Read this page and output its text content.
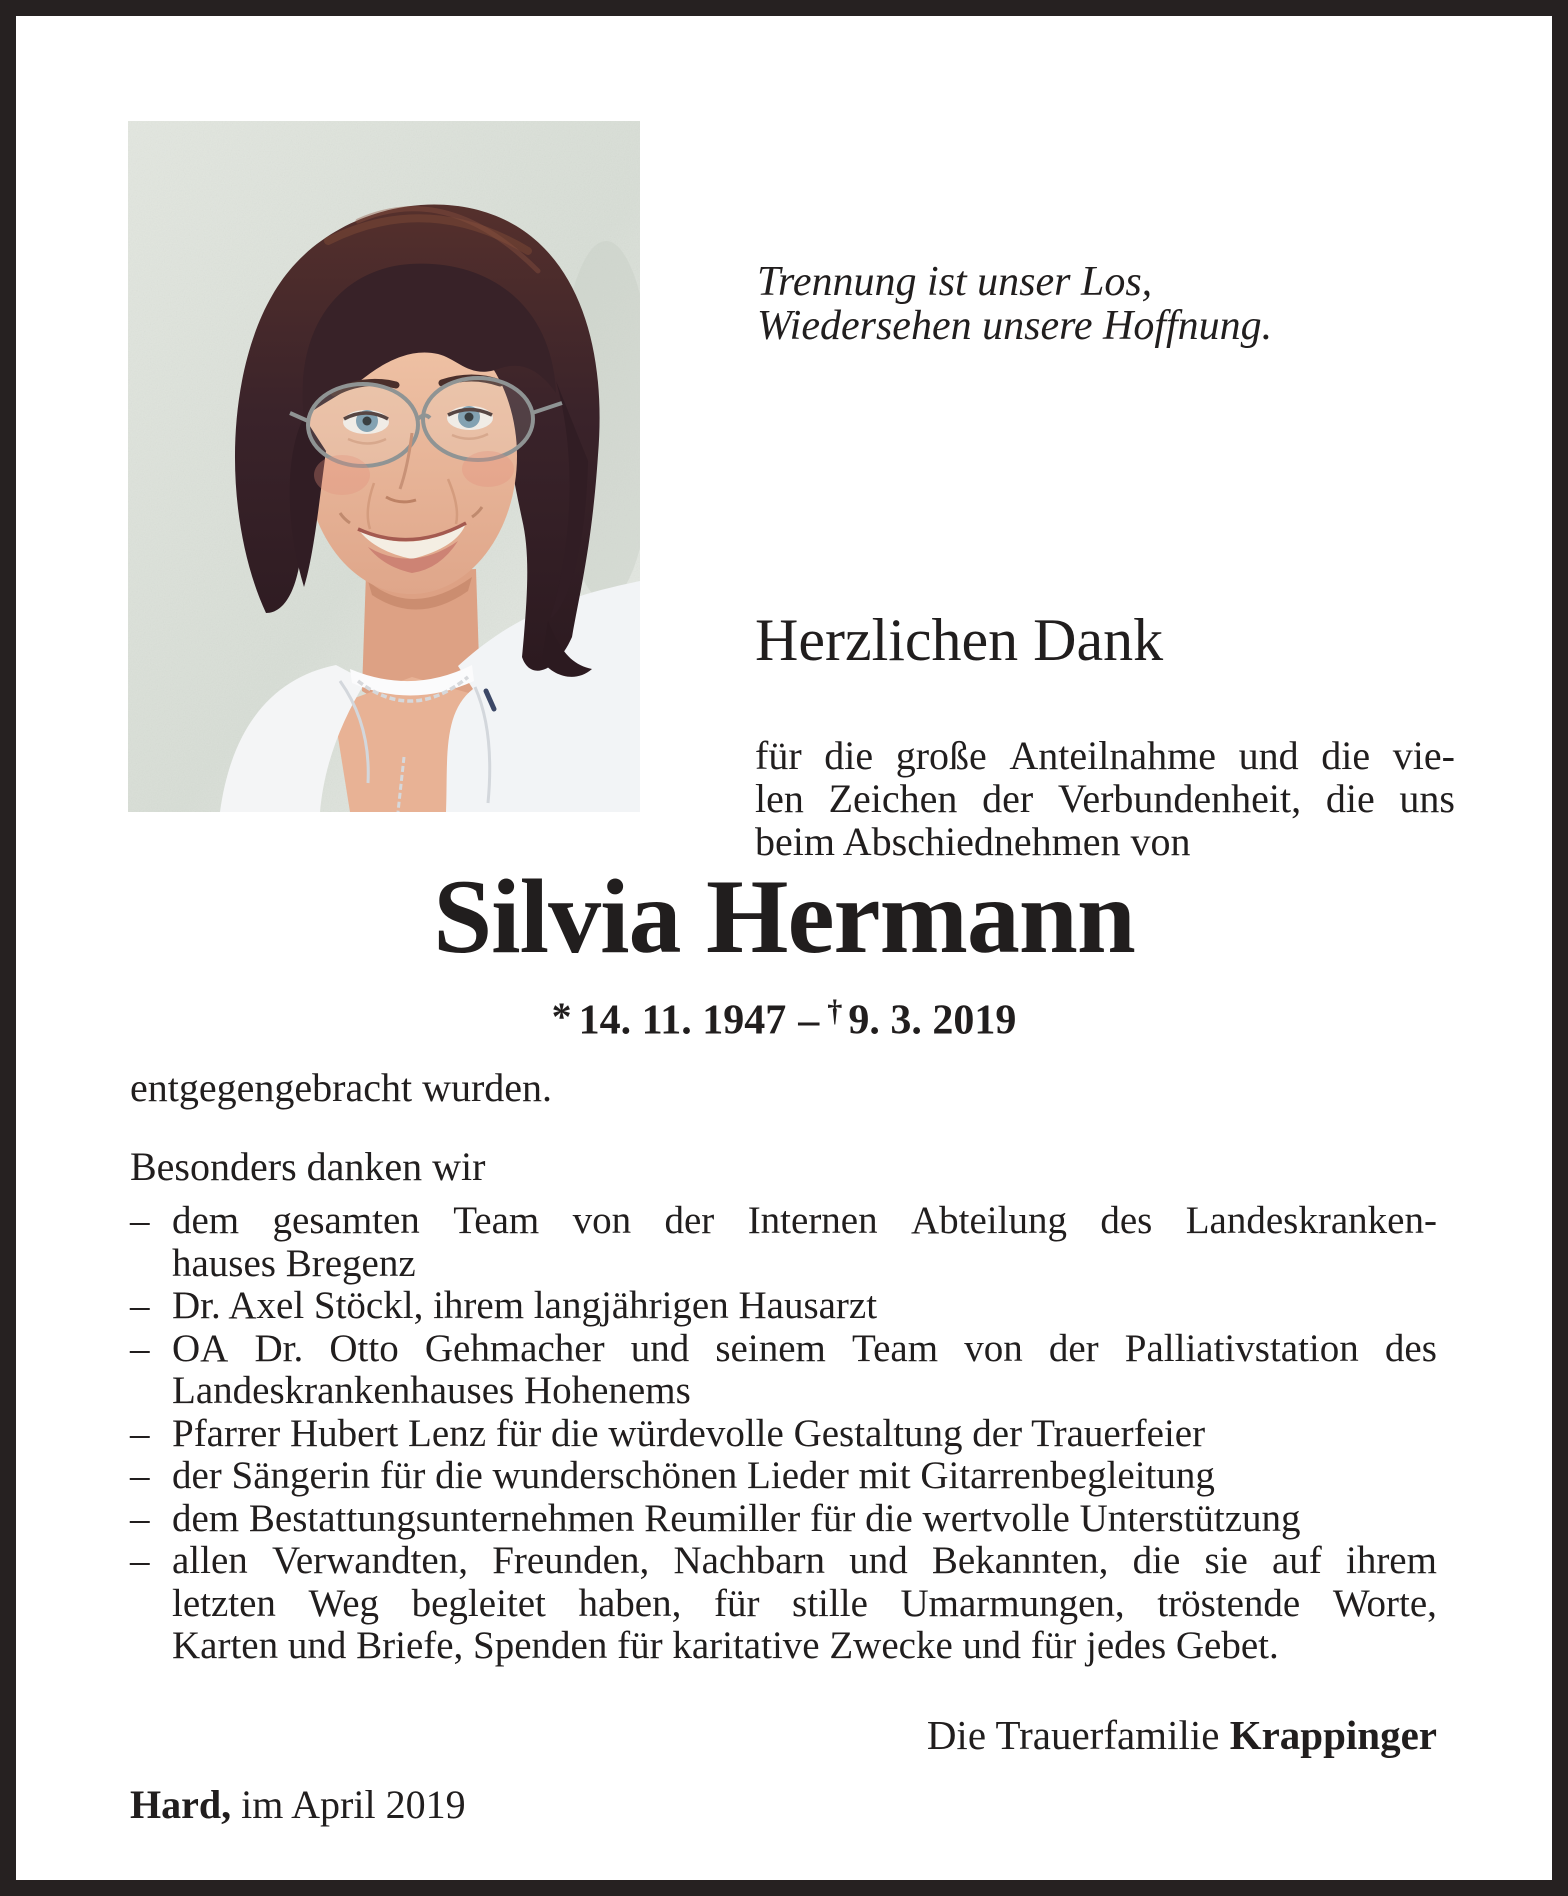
Trennung ist unser Los,
Wiedersehen unsere Hoffnung.
Herzlichen Dank
für die große Anteilnahme und die vie-
len Zeichen der Verbundenheit, die uns
beim Abschiednehmen von
Silvia Hermann
* 14. 11. 1947 – † 9. 3. 2019
entgegengebracht wurden.
Besonders danken wir
– dem gesamten Team von der Internen Abteilung des Landeskranken-
hauses Bregenz
– Dr. Axel Stöckl, ihrem langjährigen Hausarzt
– OA Dr. Otto Gehmacher und seinem Team von der Palliativstation des
Landeskrankenhauses Hohenems
– Pfarrer Hubert Lenz für die würdevolle Gestaltung der Trauerfeier
– der Sängerin für die wunderschönen Lieder mit Gitarrenbegleitung
– dem Bestattungsunternehmen Reumiller für die wertvolle Unterstützung
– allen Verwandten, Freunden, Nachbarn und Bekannten, die sie auf ihrem
letzten Weg begleitet haben, für stille Umarmungen, tröstende Worte,
Karten und Briefe, Spenden für karitative Zwecke und für jedes Gebet.
Die Trauerfamilie Krappinger
Hard, im April 2019
